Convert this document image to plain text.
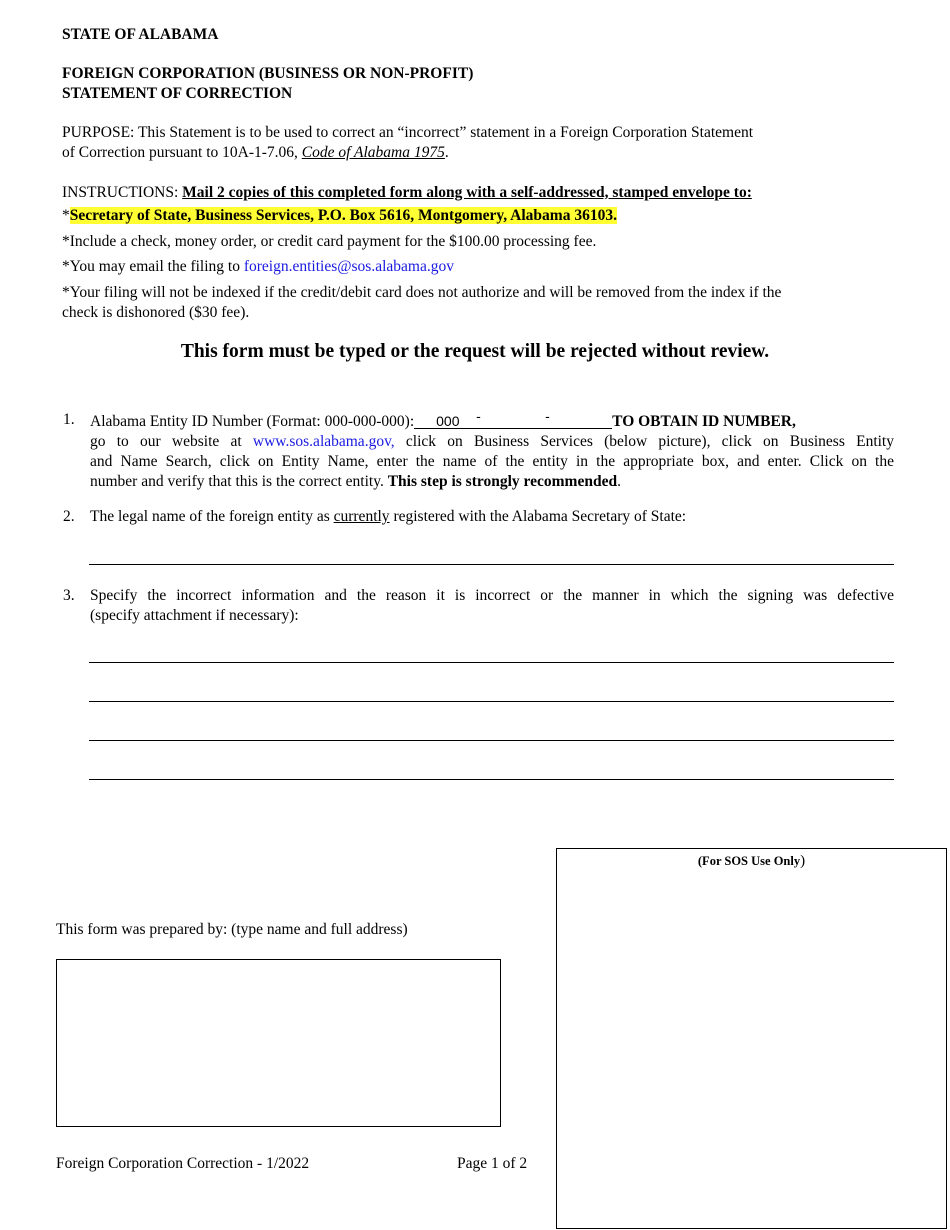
STATE OF ALABAMA
FOREIGN CORPORATION (BUSINESS OR NON-PROFIT)
STATEMENT OF CORRECTION
PURPOSE: This Statement is to be used to correct an “incorrect” statement in a Foreign Corporation Statement
of Correction pursuant to 10A-1-7.06, Code of Alabama 1975.
INSTRUCTIONS: Mail 2 copies of this completed form along with a self-addressed, stamped envelope to:
*Secretary of State, Business Services, P.O. Box 5616, Montgomery, Alabama 36103.
*Include a check, money order, or credit card payment for the $100.00 processing fee.
*You may email the filing to foreign.entities@sos.alabama.gov
*Your filing will not be indexed if the credit/debit card does not authorize and will be removed from the index if the
check is dishonored ($30 fee).
This form must be typed or the request will be rejected without review.
1. Alabama Entity ID Number (Format: 000-000-000): 000 -	-	TO OBTAIN ID NUMBER,
go to our website at www.sos.alabama.gov, click on Business Services (below picture), click on Business Entity
and Name Search, click on Entity Name, enter the name of the entity in the appropriate box, and enter. Click on the
number and verify that this is the correct entity. This step is strongly recommended.
2. The legal name of the foreign entity as currently registered with the Alabama Secretary of State:
3. Specify the incorrect information and the reason it is incorrect or the manner in which the signing was defective
(specify attachment if necessary):
(For SOS Use Only)
This form was prepared by: (type name and full address)
Foreign Corporation Correction - 1/2022	Page 1 of 2
